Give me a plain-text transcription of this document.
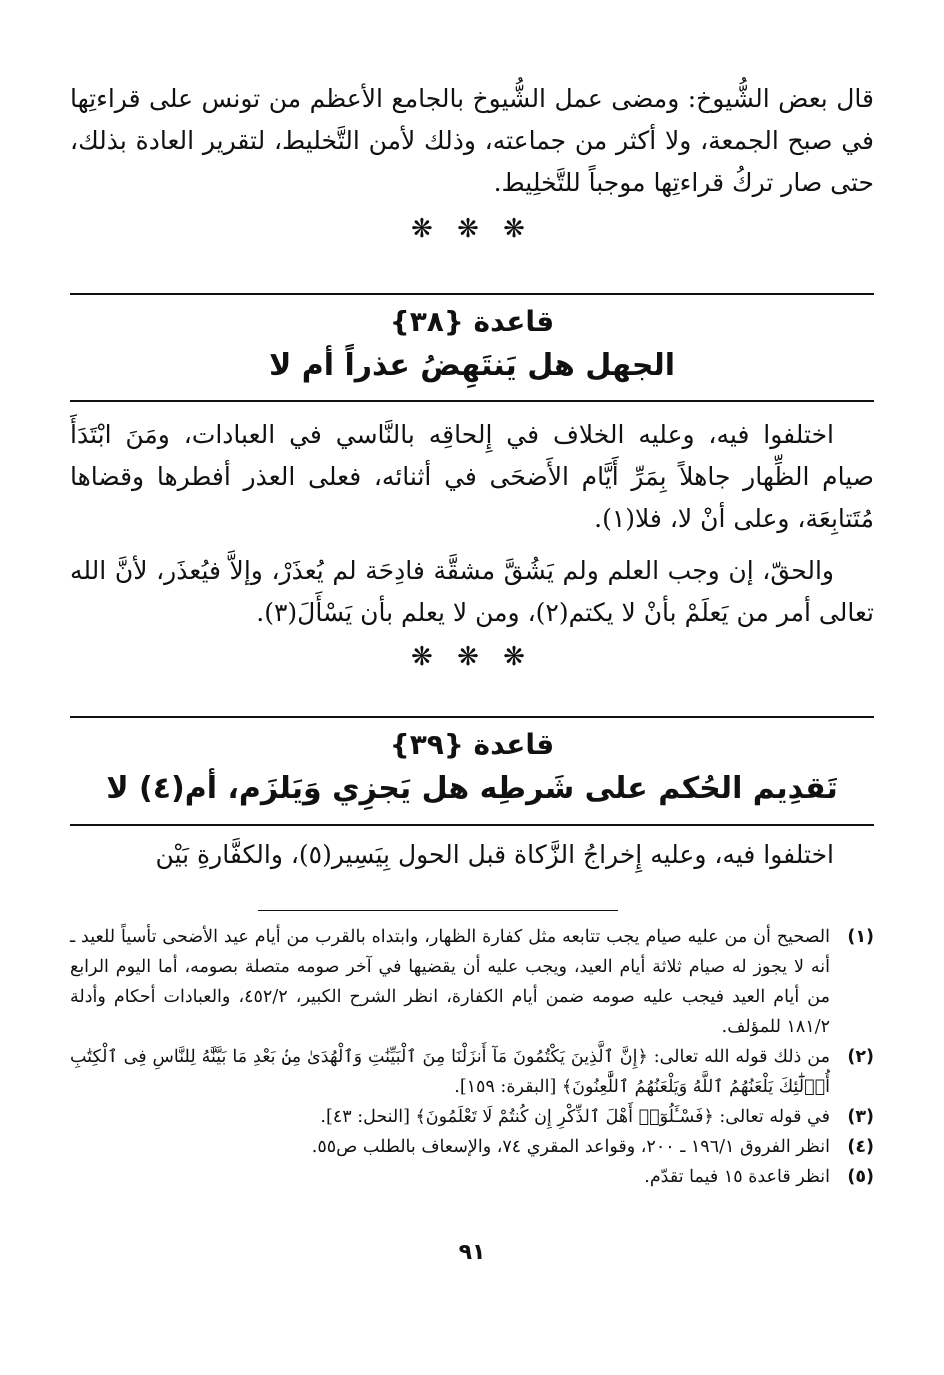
قال بعض الشُّيوخ: ومضى عمل الشُّيوخ بالجامع الأعظم من تونس على قراءتِها في صبح الجمعة، ولا أكثر من جماعته، وذلك لأمن التَّخليط، لتقرير العادة بذلك، حتى صار تركُ قراءتِها موجباً للتَّخلِيط.

❋ ❋ ❋

قاعدة {٣٨}

الجهل هل يَنتَهِضُ عذراً أم لا

اختلفوا فيه، وعليه الخلاف في إِلحاقِه بالنَّاسي في العبادات، ومَنَ ابْتَدَأَ صيام الظِّهار جاهلاً بِمَرِّ أَيَّام الأَضحَى في أثنائه، فعلى العذر أفطرها وقضاها مُتَتابِعَة، وعلى أنْ لا، فلا(١).

والحقّ، إن وجب العلم ولم يَشُقَّ مشقَّة فادِحَة لم يُعذَرْ، وإلاَّ فيُعذَر، لأنَّ الله تعالى أمر من يَعلَمْ بأنْ لا يكتم(٢)، ومن لا يعلم بأن يَسْأَلَ(٣).

❋ ❋ ❋

قاعدة {٣٩}

تَقدِيم الحُكم على شَرطِه هل يَجزِي وَيَلزَم، أم(٤) لا

اختلفوا فيه، وعليه إِخراجُ الزَّكاة قبل الحول بِيَسِير(٥)، والكفَّارةِ بَيْن

(١)
الصحيح أن من عليه صيام يجب تتابعه مثل كفارة الظهار، وابتداه بالقرب من أيام عيد الأضحى تأسياً للعيد ـ أنه لا يجوز له صيام ثلاثة أيام العيد، ويجب عليه أن يقضيها في آخر صومه متصلة بصومه، أما اليوم الرابع من أيام العيد فيجب عليه صومه ضمن أيام الكفارة، انظر الشرح الكبير، ٤٥٢/٢، والعبادات أحكام وأدلة ١٨١/٢ للمؤلف.
(٢)
من ذلك قوله الله تعالى: ﴿إِنَّ ٱلَّذِينَ يَكْتُمُونَ مَآ أَنزَلْنَا مِنَ ٱلْبَيِّنَٰتِ وَٱلْهُدَىٰ مِنۢ بَعْدِ مَا بَيَّنَّٰهُ لِلنَّاسِ فِى ٱلْكِتَٰبِ أُو۟لَٰٓئِكَ يَلْعَنُهُمُ ٱللَّهُ وَيَلْعَنُهُمُ ٱللَّٰعِنُونَ﴾ [البقرة: ١٥٩].
(٣)
في قوله تعالى: ﴿فَسْـَٔلُوٓا۟ أَهْلَ ٱلذِّكْرِ إِن كُنتُمْ لَا تَعْلَمُونَ﴾ [النحل: ٤٣].
(٤)
انظر الفروق ١٩٦/١ ـ ٢٠٠، وقواعد المقري ٧٤، والإسعاف بالطلب ص٥٥.
(٥)
انظر قاعدة ١٥ فيما تقدّم.
٩١
